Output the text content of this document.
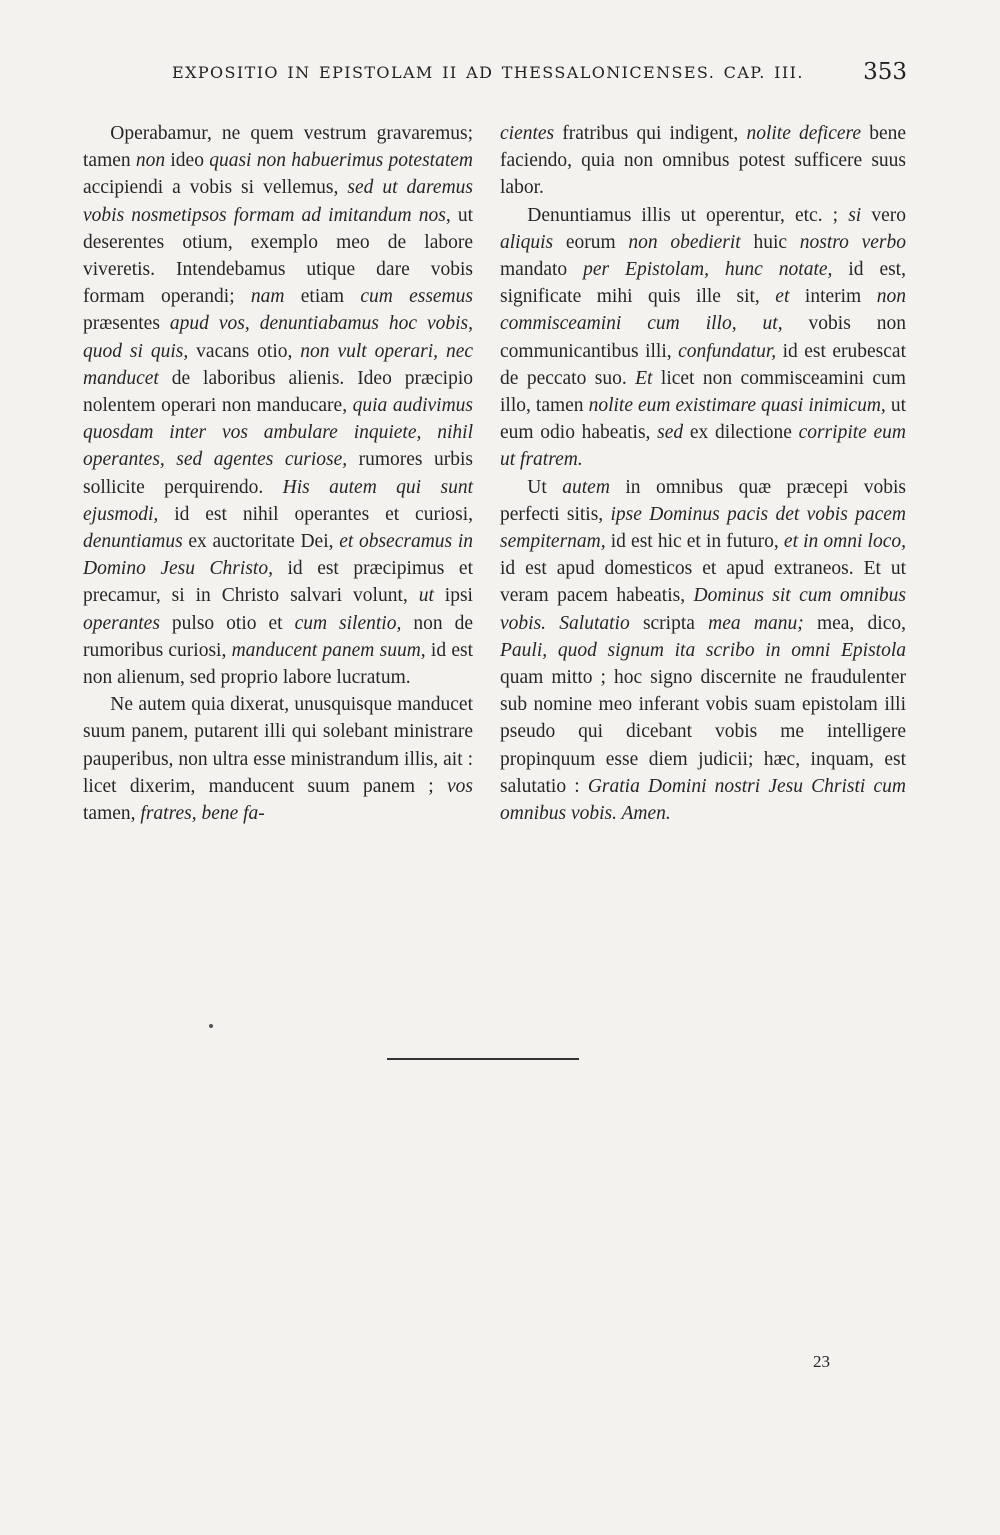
EXPOSITIO IN EPISTOLAM II AD THESSALONICENSES. CAP. III.	353

Operabamur, ne quem vestrum gravaremus; tamen non ideo quasi non habuerimus potestatem accipiendi a vobis si vellemus, sed ut daremus vobis nosmetipsos formam ad imitandum nos, ut deserentes otium, exemplo meo de labore viveretis. Intendebamus utique dare vobis formam operandi; nam etiam cum essemus præsentes apud vos, denuntiabamus hoc vobis, quod si quis, vacans otio, non vult operari, nec manducet de laboribus alienis. Ideo præcipio nolentem operari non manducare, quia audivimus quosdam inter vos ambulare inquiete, nihil operantes, sed agentes curiose, rumores urbis sollicite perquirendo. His autem qui sunt ejusmodi, id est nihil operantes et curiosi, denuntiamus ex auctoritate Dei, et obsecramus in Domino Jesu Christo, id est præcipimus et precamur, si in Christo salvari volunt, ut ipsi operantes pulso otio et cum silentio, non de rumoribus curiosi, manducent panem suum, id est non alienum, sed proprio labore lucratum.

Ne autem quia dixerat, unusquisque manducet suum panem, putarent illi qui solebant ministrare pauperibus, non ultra esse ministrandum illis, ait : licet dixerim, manducent suum panem ; vos tamen, fratres, bene fa-

cientes fratribus qui indigent, nolite deficere bene faciendo, quia non omnibus potest sufficere suus labor.

Denuntiamus illis ut operentur, etc. ; si vero aliquis eorum non obedierit huic nostro verbo mandato per Epistolam, hunc notate, id est, significate mihi quis ille sit, et interim non commisceamini cum illo, ut, vobis non communicantibus illi, confundatur, id est erubescat de peccato suo. Et licet non commisceamini cum illo, tamen nolite eum existimare quasi inimicum, ut eum odio habeatis, sed ex dilectione corripite eum ut fratrem.

Ut autem in omnibus quæ præcepi vobis perfecti sitis, ipse Dominus pacis det vobis pacem sempiternam, id est hic et in futuro, et in omni loco, id est apud domesticos et apud extraneos. Et ut veram pacem habeatis, Dominus sit cum omnibus vobis. Salutatio scripta mea manu; mea, dico, Pauli, quod signum ita scribo in omni Epistola quam mitto ; hoc signo discernite ne fraudulenter sub nomine meo inferant vobis suam epistolam illi pseudo qui dicebant vobis me intelligere propinquum esse diem judicii; hæc, inquam, est salutatio : Gratia Domini nostri Jesu Christi cum omnibus vobis. Amen.

23
